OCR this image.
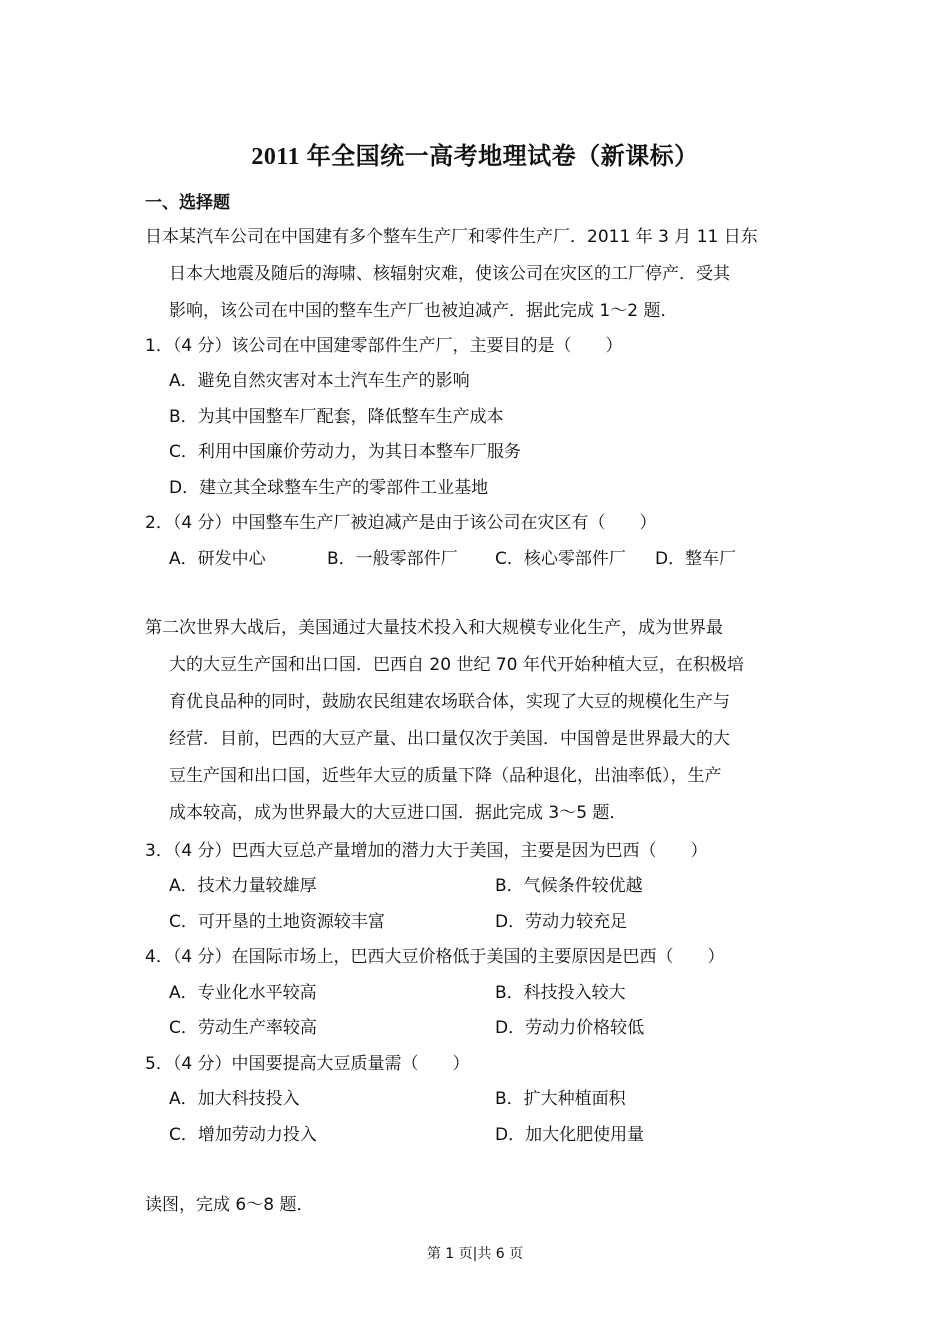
2011 年全国统一高考地理试卷（新课标）
一、选择题
日本某汽车公司在中国建有多个整车生产厂和零件生产厂．2011 年 3 月 11 日东
日本大地震及随后的海啸、核辐射灾难，使该公司在灾区的工厂停产．受其
影响，该公司在中国的整车生产厂也被迫减产．据此完成 1～2 题．
1．（4 分）该公司在中国建零部件生产厂，主要目的是（　　）
A．避免自然灾害对本土汽车生产的影响
B．为其中国整车厂配套，降低整车生产成本
C．利用中国廉价劳动力，为其日本整车厂服务
D．建立其全球整车生产的零部件工业基地
2．（4 分）中国整车生产厂被迫减产是由于该公司在灾区有（　　）
A．研发中心	B．一般零部件厂 C．核心零部件厂 D．整车厂
第二次世界大战后，美国通过大量技术投入和大规模专业化生产，成为世界最
大的大豆生产国和出口国．巴西自 20 世纪 70 年代开始种植大豆，在积极培
育优良品种的同时，鼓励农民组建农场联合体，实现了大豆的规模化生产与
经营．目前，巴西的大豆产量、出口量仅次于美国．中国曾是世界最大的大
豆生产国和出口国，近些年大豆的质量下降（品种退化，出油率低），生产
成本较高，成为世界最大的大豆进口国．据此完成 3～5 题．
3．（4 分）巴西大豆总产量增加的潜力大于美国，主要是因为巴西（　　）
A．技术力量较雄厚	B．气候条件较优越
C．可开垦的土地资源较丰富	D．劳动力较充足
4．（4 分）在国际市场上，巴西大豆价格低于美国的主要原因是巴西（　　）
A．专业化水平较高	B．科技投入较大
C．劳动生产率较高	D．劳动力价格较低
5．（4 分）中国要提高大豆质量需（　　）
A．加大科技投入	B．扩大种植面积
C．增加劳动力投入	D．加大化肥使用量
读图，完成 6～8 题．
第 1 页|共 6 页
